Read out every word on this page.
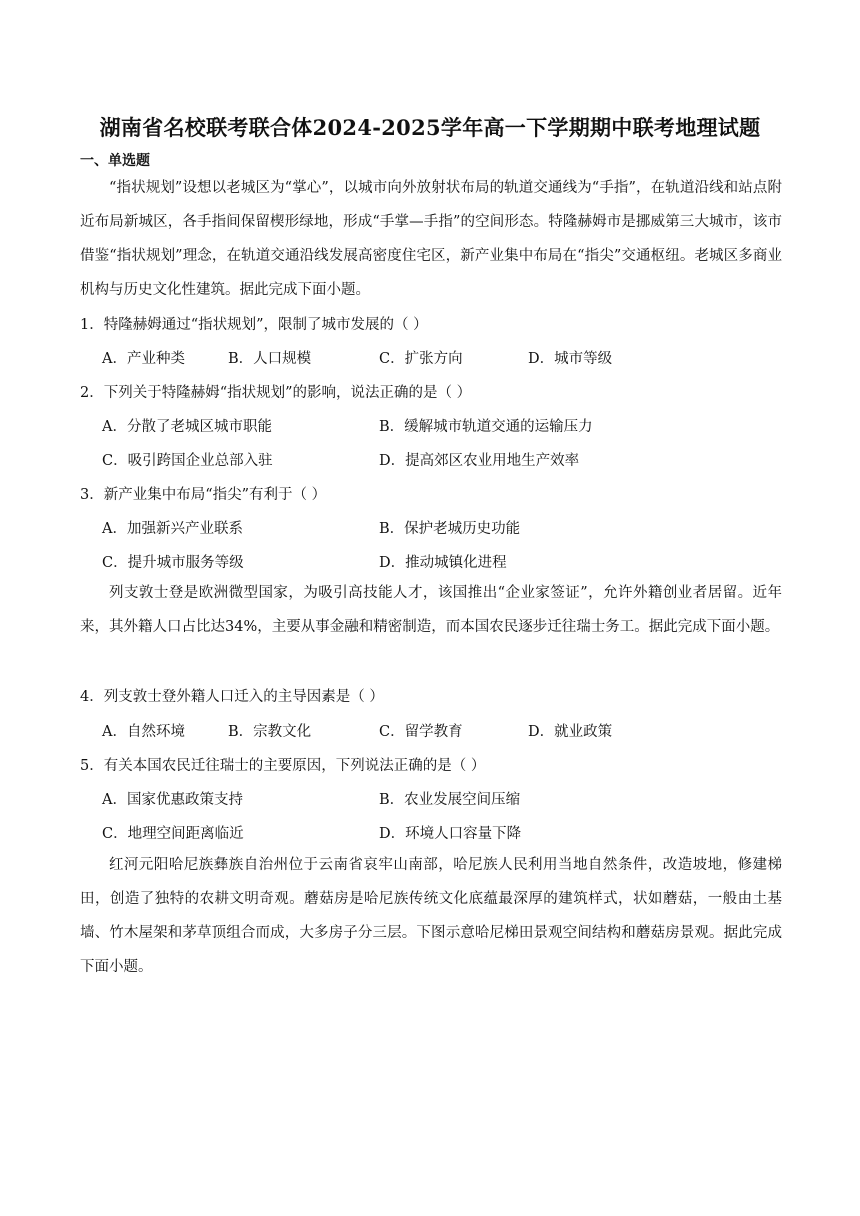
湖南省名校联考联合体2024-2025学年高一下学期期中联考地理试题
一、单选题

“指状规划”设想以老城区为“掌心”，以城市向外放射状布局的轨道交通线为“手指”，在轨道沿线和站点附近布局新城区，各手指间保留楔形绿地，形成“手掌—手指”的空间形态。特隆赫姆市是挪威第三大城市，该市借鉴“指状规划”理念，在轨道交通沿线发展高密度住宅区，新产业集中布局在“指尖”交通枢纽。老城区多商业机构与历史文化性建筑。据此完成下面小题。

1．特隆赫姆通过“指状规划”，限制了城市发展的（ ）
A．产业种类	B．人口规模	C．扩张方向	D．城市等级
2．下列关于特隆赫姆“指状规划”的影响，说法正确的是（ ）
A．分散了老城区城市职能	B．缓解城市轨道交通的运输压力
C．吸引跨国企业总部入驻	D．提高郊区农业用地生产效率
3．新产业集中布局“指尖”有利于（ ）
A．加强新兴产业联系	B．保护老城历史功能
C．提升城市服务等级	D．推动城镇化进程

列支敦士登是欧洲微型国家，为吸引高技能人才，该国推出“企业家签证”，允许外籍创业者居留。近年来，其外籍人口占比达34%，主要从事金融和精密制造，而本国农民逐步迁往瑞士务工。据此完成下面小题。

4．列支敦士登外籍人口迁入的主导因素是（ ）
A．自然环境	B．宗教文化	C．留学教育	D．就业政策
5．有关本国农民迁往瑞士的主要原因，下列说法正确的是（ ）
A．国家优惠政策支持	B．农业发展空间压缩
C．地理空间距离临近	D．环境人口容量下降

红河元阳哈尼族彝族自治州位于云南省哀牢山南部，哈尼族人民利用当地自然条件，改造坡地，修建梯田，创造了独特的农耕文明奇观。蘑菇房是哈尼族传统文化底蕴最深厚的建筑样式，状如蘑菇，一般由土基墙、竹木屋架和茅草顶组合而成，大多房子分三层。下图示意哈尼梯田景观空间结构和蘑菇房景观。据此完成下面小题。
